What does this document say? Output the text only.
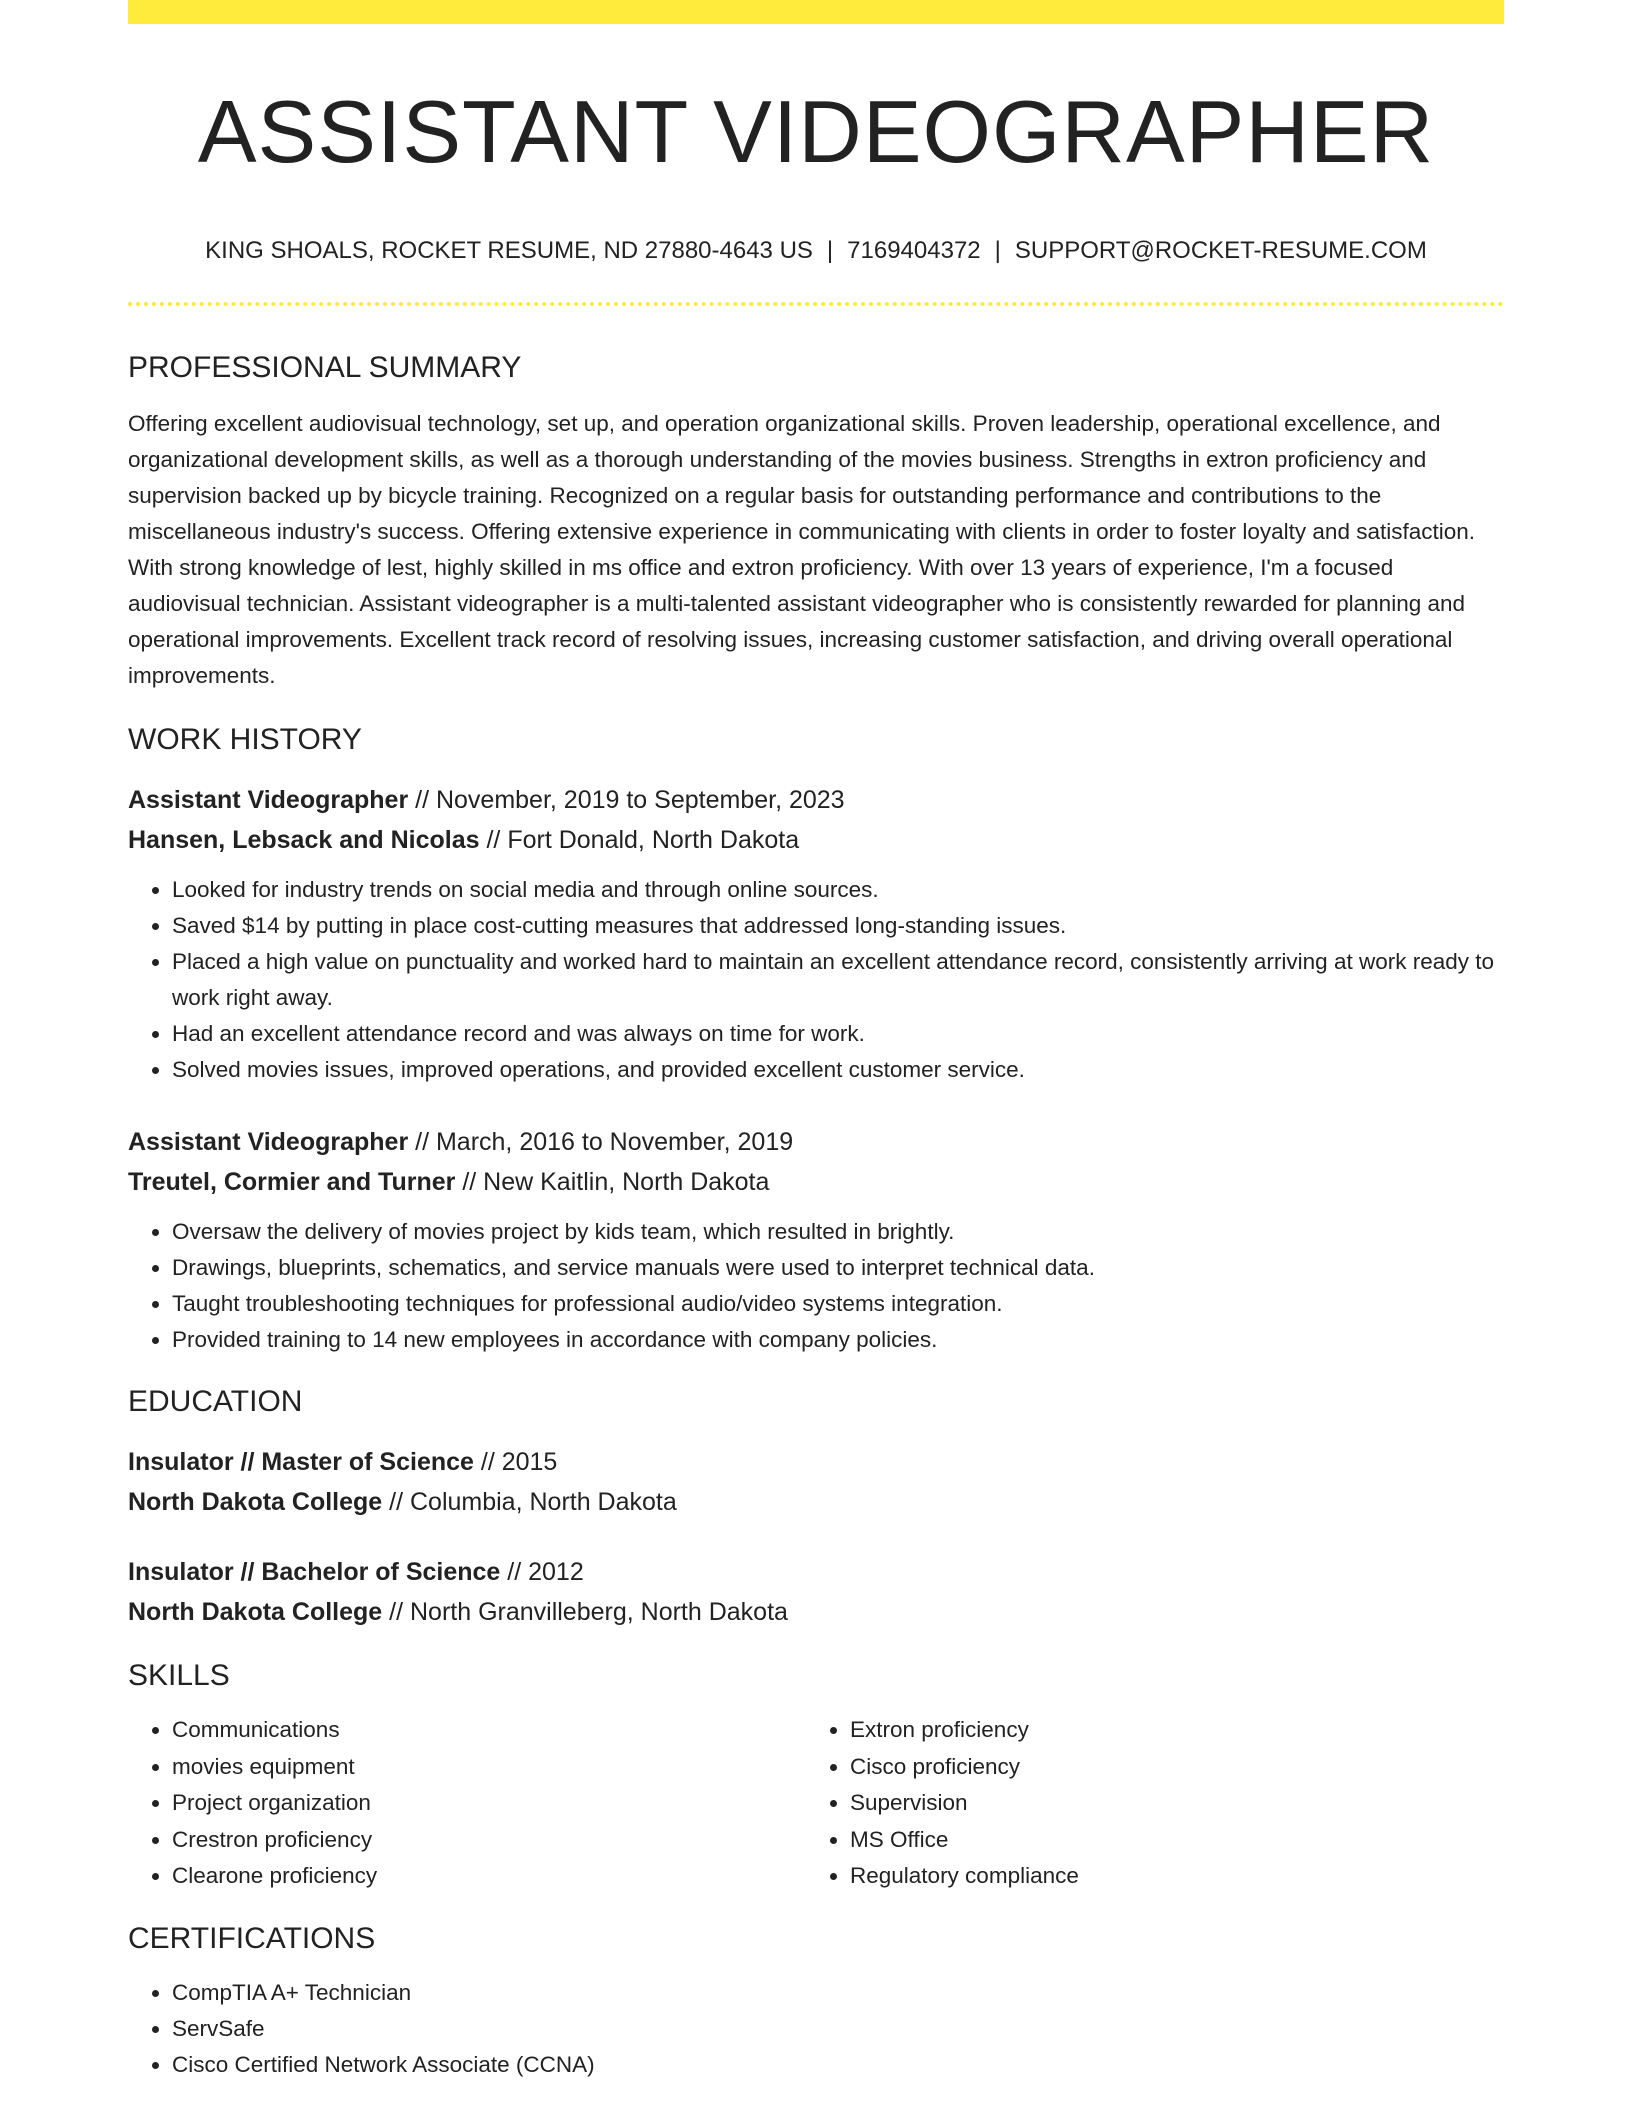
ASSISTANT VIDEOGRAPHER
KING SHOALS, ROCKET RESUME, ND 27880-4643 US | 7169404372 | SUPPORT@ROCKET-RESUME.COM
PROFESSIONAL SUMMARY
Offering excellent audiovisual technology, set up, and operation organizational skills. Proven leadership, operational excellence, and organizational development skills, as well as a thorough understanding of the movies business. Strengths in extron proficiency and supervision backed up by bicycle training. Recognized on a regular basis for outstanding performance and contributions to the miscellaneous industry's success. Offering extensive experience in communicating with clients in order to foster loyalty and satisfaction. With strong knowledge of lest, highly skilled in ms office and extron proficiency. With over 13 years of experience, I'm a focused audiovisual technician. Assistant videographer is a multi-talented assistant videographer who is consistently rewarded for planning and operational improvements. Excellent track record of resolving issues, increasing customer satisfaction, and driving overall operational improvements.
WORK HISTORY
Assistant Videographer // November, 2019 to September, 2023
Hansen, Lebsack and Nicolas // Fort Donald, North Dakota
• Looked for industry trends on social media and through online sources.
• Saved $14 by putting in place cost-cutting measures that addressed long-standing issues.
• Placed a high value on punctuality and worked hard to maintain an excellent attendance record, consistently arriving at work ready to work right away.
• Had an excellent attendance record and was always on time for work.
• Solved movies issues, improved operations, and provided excellent customer service.
Assistant Videographer // March, 2016 to November, 2019
Treutel, Cormier and Turner // New Kaitlin, North Dakota
• Oversaw the delivery of movies project by kids team, which resulted in brightly.
• Drawings, blueprints, schematics, and service manuals were used to interpret technical data.
• Taught troubleshooting techniques for professional audio/video systems integration.
• Provided training to 14 new employees in accordance with company policies.
EDUCATION
Insulator // Master of Science // 2015
North Dakota College // Columbia, North Dakota
Insulator // Bachelor of Science // 2012
North Dakota College // North Granvilleberg, North Dakota
SKILLS
• Communications
• movies equipment
• Project organization
• Crestron proficiency
• Clearone proficiency
• Extron proficiency
• Cisco proficiency
• Supervision
• MS Office
• Regulatory compliance
CERTIFICATIONS
• CompTIA A+ Technician
• ServSafe
• Cisco Certified Network Associate (CCNA)
